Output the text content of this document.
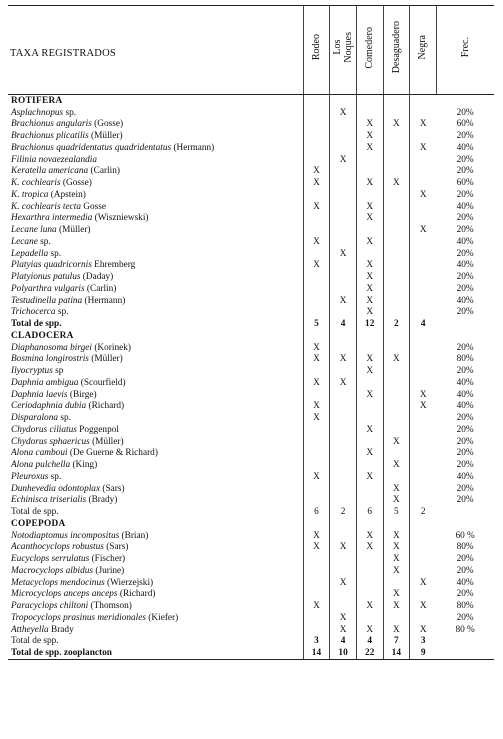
TAXA REGISTRADOS	Rodeo	Los
Noques	Comedero	Desaguadero	Negra	Frec.
ROTIFERA						
Asplachnopus sp.		X				20%
Brachionus angularis (Gosse)			X	X	X	60%
Brachionus plicatilis (Müller)			X			20%
Brachionus quadridentatus quadridentatus (Hermann)			X		X	40%
Filinia novaezealandia		X				20%
Keratella americana (Carlin)	X					20%
K. cochlearis (Gosse)	X		X	X		60%
K. tropica (Apstein)					X	20%
K. cochlearis tecta Gosse	X		X			40%
Hexarthra intermedia (Wiszniewski)			X			20%
Lecane luna (Müller)					X	20%
Lecane sp.	X		X			40%
Lepadella sp.		X				20%
Platyias quadricornis Ehremberg	X		X			40%
Platyionus patulus (Daday)			X			20%
Polyarthra vulgaris (Carlin)			X			20%
Testudinella patina (Hermann)		X	X			40%
Trichocerca sp.			X			20%
Total de spp.	5	4	12	2	4	
CLADOCERA						
Diaphanosoma birgei (Korinek)	X					20%
Bosmina longirostris (Müller)	X	X	X	X		80%
Ilyocryptus sp			X			20%
Daphnia ambigua (Scourfield)	X	X				40%
Daphnia laevis (Birge)			X		X	40%
Ceriodaphnia dubia (Richard)	X				X	40%
Disparalona sp.	X					20%
Chydorus ciliatus Poggenpol			X			20%
Chydorus sphaericus (Müller)				X		20%
Alona camboui (De Guerne & Richard)			X			20%
Alona pulchella (King)				X		20%
Pleuroxus sp.	X		X			40%
Dunhevedia odontoplax (Sars)				X		20%
Echinisca triserialis (Brady)				X		20%
Total de spp.	6	2	6	5	2	
COPEPODA						
Notodiaptomus incompositus (Brian)	X		X	X		60 %
Acanthocyclops robustus (Sars)	X	X	X	X		80%
Eucyclops serrulatus (Fischer)				X		20%
Macrocyclops albidus (Jurine)				X		20%
Metacyclops mendocinus (Wierzejski)		X			X	40%
Microcyclops anceps anceps (Richard)				X		20%
Paracyclops chiltoni (Thomson)	X		X	X	X	80%
Tropocyclops prasinus meridionales (Kiefer)		X				20%
Attheyella Brady		X	X	X	X	80 %
Total de spp.	3	4	4	7	3	
Total de spp. zooplancton	14	10	22	14	9	
